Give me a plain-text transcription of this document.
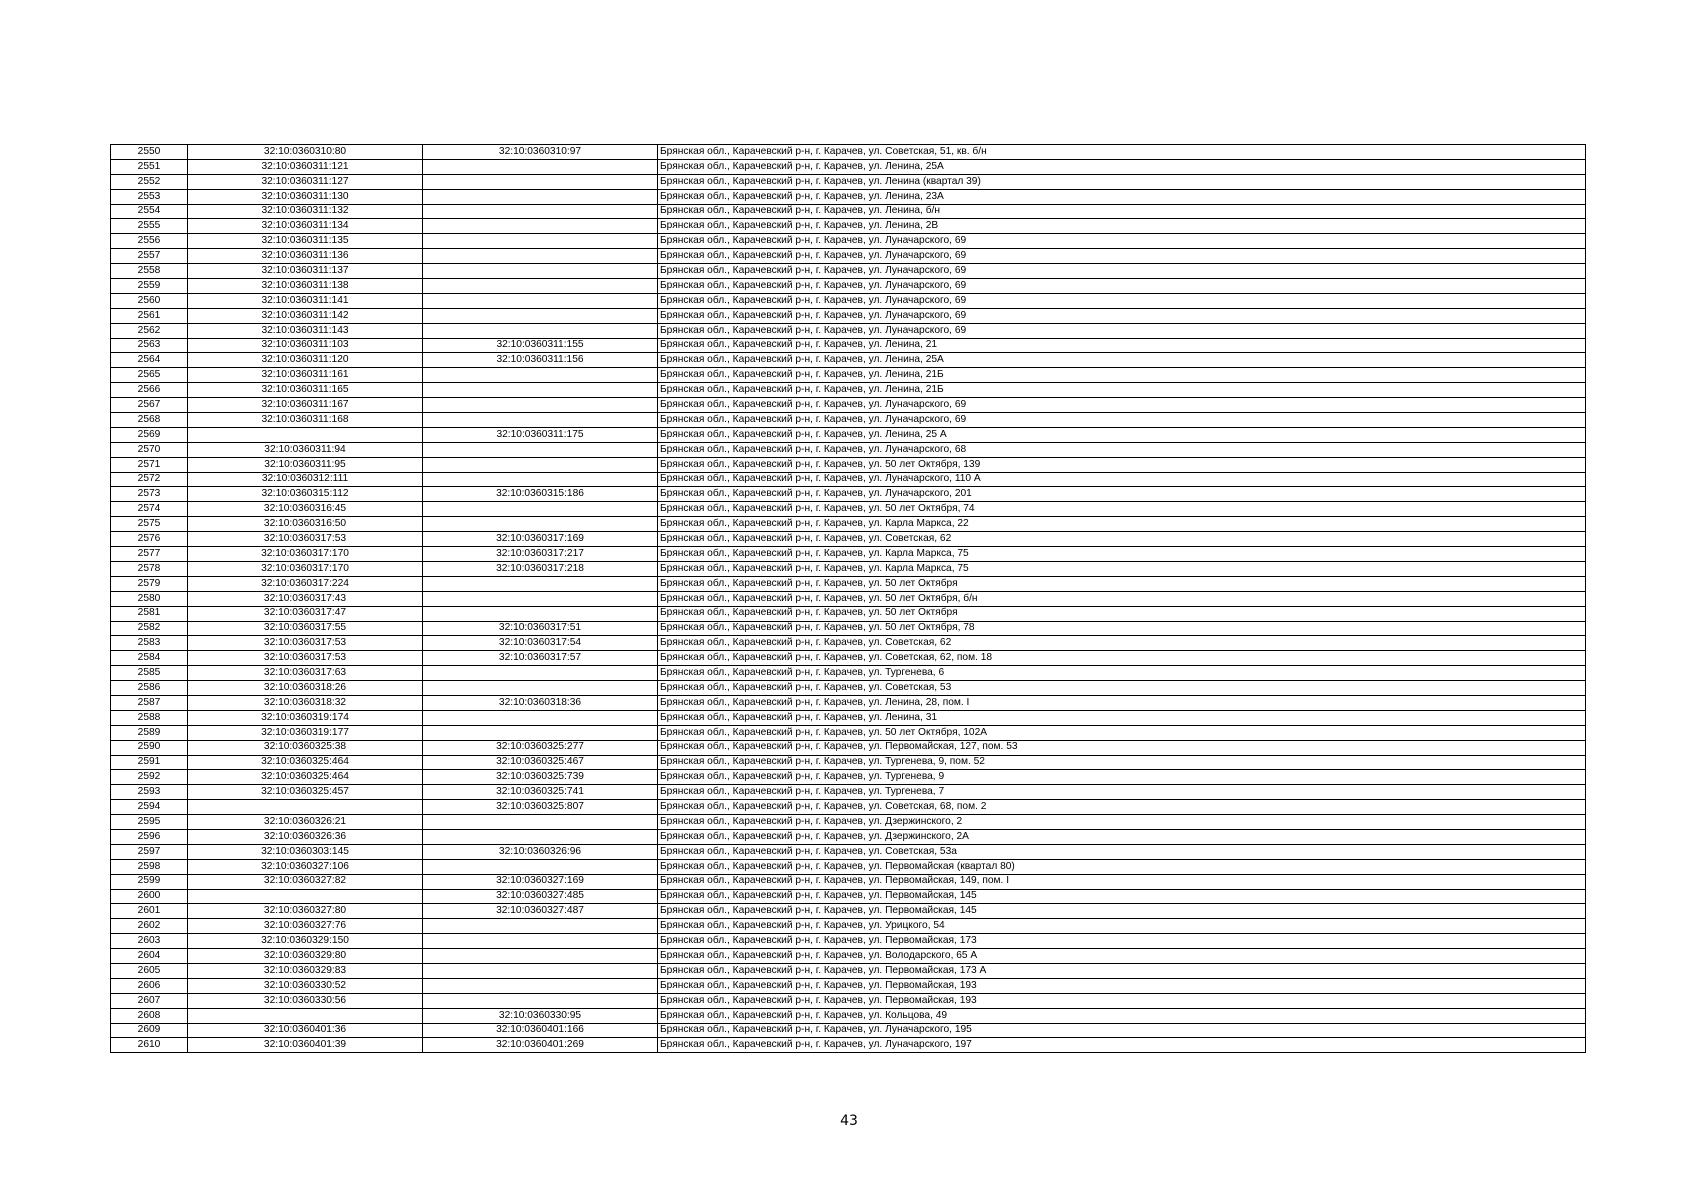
2550	32:10:0360310:80	32:10:0360310:97	Брянская обл., Карачевский р-н, г. Карачев, ул. Советская, 51, кв. б/н
2551	32:10:0360311:121		Брянская обл., Карачевский р-н, г. Карачев, ул. Ленина, 25А
2552	32:10:0360311:127		Брянская обл., Карачевский р-н, г. Карачев, ул. Ленина (квартал 39)
2553	32:10:0360311:130		Брянская обл., Карачевский р-н, г. Карачев, ул. Ленина, 23А
2554	32:10:0360311:132		Брянская обл., Карачевский р-н, г. Карачев, ул. Ленина, б/н
2555	32:10:0360311:134		Брянская обл., Карачевский р-н, г. Карачев, ул. Ленина, 2В
2556	32:10:0360311:135		Брянская обл., Карачевский р-н, г. Карачев, ул. Луначарского, 69
2557	32:10:0360311:136		Брянская обл., Карачевский р-н, г. Карачев, ул. Луначарского, 69
2558	32:10:0360311:137		Брянская обл., Карачевский р-н, г. Карачев, ул. Луначарского, 69
2559	32:10:0360311:138		Брянская обл., Карачевский р-н, г. Карачев, ул. Луначарского, 69
2560	32:10:0360311:141		Брянская обл., Карачевский р-н, г. Карачев, ул. Луначарского, 69
2561	32:10:0360311:142		Брянская обл., Карачевский р-н, г. Карачев, ул. Луначарского, 69
2562	32:10:0360311:143		Брянская обл., Карачевский р-н, г. Карачев, ул. Луначарского, 69
2563	32:10:0360311:103	32:10:0360311:155	Брянская обл., Карачевский р-н, г. Карачев, ул. Ленина, 21
2564	32:10:0360311:120	32:10:0360311:156	Брянская обл., Карачевский р-н, г. Карачев, ул. Ленина, 25А
2565	32:10:0360311:161		Брянская обл., Карачевский р-н, г. Карачев, ул. Ленина, 21Б
2566	32:10:0360311:165		Брянская обл., Карачевский р-н, г. Карачев, ул. Ленина, 21Б
2567	32:10:0360311:167		Брянская обл., Карачевский р-н, г. Карачев, ул. Луначарского, 69
2568	32:10:0360311:168		Брянская обл., Карачевский р-н, г. Карачев, ул. Луначарского, 69
2569		32:10:0360311:175	Брянская обл., Карачевский р-н, г. Карачев, ул. Ленина, 25 А
2570	32:10:0360311:94		Брянская обл., Карачевский р-н, г. Карачев, ул. Луначарского, 68
2571	32:10:0360311:95		Брянская обл., Карачевский р-н, г. Карачев, ул. 50 лет Октября, 139
2572	32:10:0360312:111		Брянская обл., Карачевский р-н, г. Карачев, ул. Луначарского, 110 А
2573	32:10:0360315:112	32:10:0360315:186	Брянская обл., Карачевский р-н, г. Карачев, ул. Луначарского, 201
2574	32:10:0360316:45		Брянская обл., Карачевский р-н, г. Карачев, ул. 50 лет Октября, 74
2575	32:10:0360316:50		Брянская обл., Карачевский р-н, г. Карачев, ул. Карла Маркса, 22
2576	32:10:0360317:53	32:10:0360317:169	Брянская обл., Карачевский р-н, г. Карачев, ул. Советская, 62
2577	32:10:0360317:170	32:10:0360317:217	Брянская обл., Карачевский р-н, г. Карачев, ул. Карла Маркса, 75
2578	32:10:0360317:170	32:10:0360317:218	Брянская обл., Карачевский р-н, г. Карачев, ул. Карла Маркса, 75
2579	32:10:0360317:224		Брянская обл., Карачевский р-н, г. Карачев, ул. 50 лет Октября
2580	32:10:0360317:43		Брянская обл., Карачевский р-н, г. Карачев, ул. 50 лет Октября, б/н
2581	32:10:0360317:47		Брянская обл., Карачевский р-н, г. Карачев, ул. 50 лет Октября
2582	32:10:0360317:55	32:10:0360317:51	Брянская обл., Карачевский р-н, г. Карачев, ул. 50 лет Октября, 78
2583	32:10:0360317:53	32:10:0360317:54	Брянская обл., Карачевский р-н, г. Карачев, ул. Советская, 62
2584	32:10:0360317:53	32:10:0360317:57	Брянская обл., Карачевский р-н, г. Карачев, ул. Советская, 62, пом. 18
2585	32:10:0360317:63		Брянская обл., Карачевский р-н, г. Карачев, ул. Тургенева, 6
2586	32:10:0360318:26		Брянская обл., Карачевский р-н, г. Карачев, ул. Советская, 53
2587	32:10:0360318:32	32:10:0360318:36	Брянская обл., Карачевский р-н, г. Карачев, ул. Ленина, 28, пом. I
2588	32:10:0360319:174		Брянская обл., Карачевский р-н, г. Карачев, ул. Ленина, 31
2589	32:10:0360319:177		Брянская обл., Карачевский р-н, г. Карачев, ул. 50 лет Октября, 102А
2590	32:10:0360325:38	32:10:0360325:277	Брянская обл., Карачевский р-н, г. Карачев, ул. Первомайская, 127, пом. 53
2591	32:10:0360325:464	32:10:0360325:467	Брянская обл., Карачевский р-н, г. Карачев, ул. Тургенева, 9, пом. 52
2592	32:10:0360325:464	32:10:0360325:739	Брянская обл., Карачевский р-н, г. Карачев, ул. Тургенева, 9
2593	32:10:0360325:457	32:10:0360325:741	Брянская обл., Карачевский р-н, г. Карачев, ул. Тургенева, 7
2594		32:10:0360325:807	Брянская обл., Карачевский р-н, г. Карачев, ул. Советская, 68, пом. 2
2595	32:10:0360326:21		Брянская обл., Карачевский р-н, г. Карачев, ул. Дзержинского, 2
2596	32:10:0360326:36		Брянская обл., Карачевский р-н, г. Карачев, ул. Дзержинского, 2А
2597	32:10:0360303:145	32:10:0360326:96	Брянская обл., Карачевский р-н, г. Карачев, ул. Советская, 53а
2598	32:10:0360327:106		Брянская обл., Карачевский р-н, г. Карачев, ул. Первомайская (квартал 80)
2599	32:10:0360327:82	32:10:0360327:169	Брянская обл., Карачевский р-н, г. Карачев, ул. Первомайская, 149, пом. I
2600		32:10:0360327:485	Брянская обл., Карачевский р-н, г. Карачев, ул. Первомайская, 145
2601	32:10:0360327:80	32:10:0360327:487	Брянская обл., Карачевский р-н, г. Карачев, ул. Первомайская, 145
2602	32:10:0360327:76		Брянская обл., Карачевский р-н, г. Карачев, ул. Урицкого, 54
2603	32:10:0360329:150		Брянская обл., Карачевский р-н, г. Карачев, ул. Первомайская, 173
2604	32:10:0360329:80		Брянская обл., Карачевский р-н, г. Карачев, ул. Володарского, 65 А
2605	32:10:0360329:83		Брянская обл., Карачевский р-н, г. Карачев, ул. Первомайская, 173 А
2606	32:10:0360330:52		Брянская обл., Карачевский р-н, г. Карачев, ул. Первомайская, 193
2607	32:10:0360330:56		Брянская обл., Карачевский р-н, г. Карачев, ул. Первомайская, 193
2608		32:10:0360330:95	Брянская обл., Карачевский р-н, г. Карачев, ул. Кольцова, 49
2609	32:10:0360401:36	32:10:0360401:166	Брянская обл., Карачевский р-н, г. Карачев, ул. Луначарского, 195
2610	32:10:0360401:39	32:10:0360401:269	Брянская обл., Карачевский р-н, г. Карачев, ул. Луначарского, 197
43
